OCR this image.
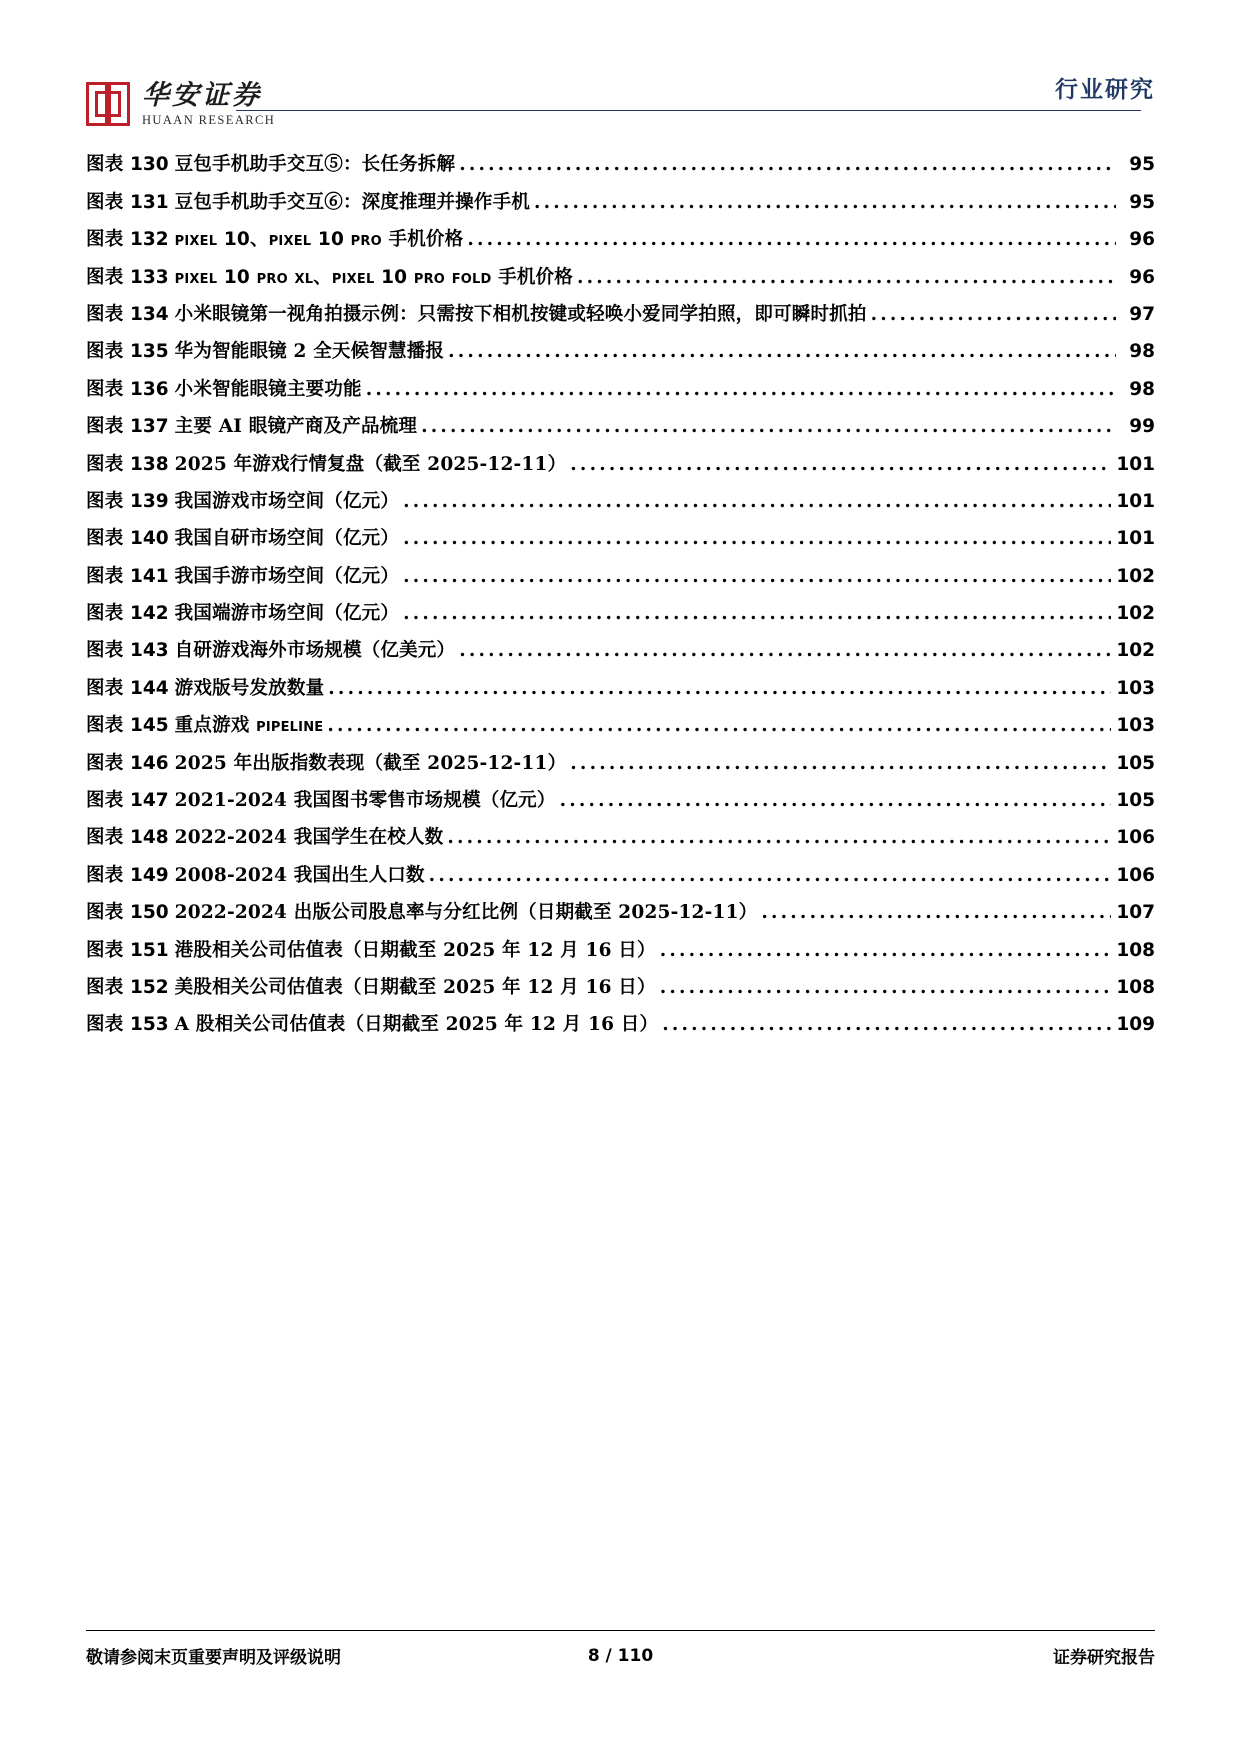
华安证券
HUAAN RESEARCH
行业研究
图表 130 豆包手机助手交互⑤：长任务拆解 .....	95
图表 131 豆包手机助手交互⑥：深度推理并操作手机 .....	95
图表 132 pixel 10、pixel 10 pro 手机价格 .....	96
图表 133 pixel 10 pro xl、pixel 10 pro fold 手机价格 .....	96
图表 134 小米眼镜第一视角拍摄示例：只需按下相机按键或轻唤小爱同学拍照，即可瞬时抓拍 .....	97
图表 135 华为智能眼镜 2 全天候智慧播报 .....	98
图表 136 小米智能眼镜主要功能 .....	98
图表 137 主要 AI 眼镜产商及产品梳理 .....	99
图表 138 2025 年游戏行情复盘（截至 2025-12-11） .....	101
图表 139 我国游戏市场空间（亿元） .....	101
图表 140 我国自研市场空间（亿元） .....	101
图表 141 我国手游市场空间（亿元） .....	102
图表 142 我国端游市场空间（亿元） .....	102
图表 143 自研游戏海外市场规模（亿美元） .....	102
图表 144 游戏版号发放数量 .....	103
图表 145 重点游戏 pipeline .....	103
图表 146 2025 年出版指数表现（截至 2025-12-11） .....	105
图表 147 2021-2024 我国图书零售市场规模（亿元） .....	105
图表 148 2022-2024 我国学生在校人数 .....	106
图表 149 2008-2024 我国出生人口数 .....	106
图表 150 2022-2024 出版公司股息率与分红比例（日期截至 2025-12-11） .....	107
图表 151 港股相关公司估值表（日期截至 2025 年 12 月 16 日） .....	108
图表 152 美股相关公司估值表（日期截至 2025 年 12 月 16 日） .....	108
图表 153 A 股相关公司估值表（日期截至 2025 年 12 月 16 日） .....	109
敬请参阅末页重要声明及评级说明	8 / 110	证券研究报告
